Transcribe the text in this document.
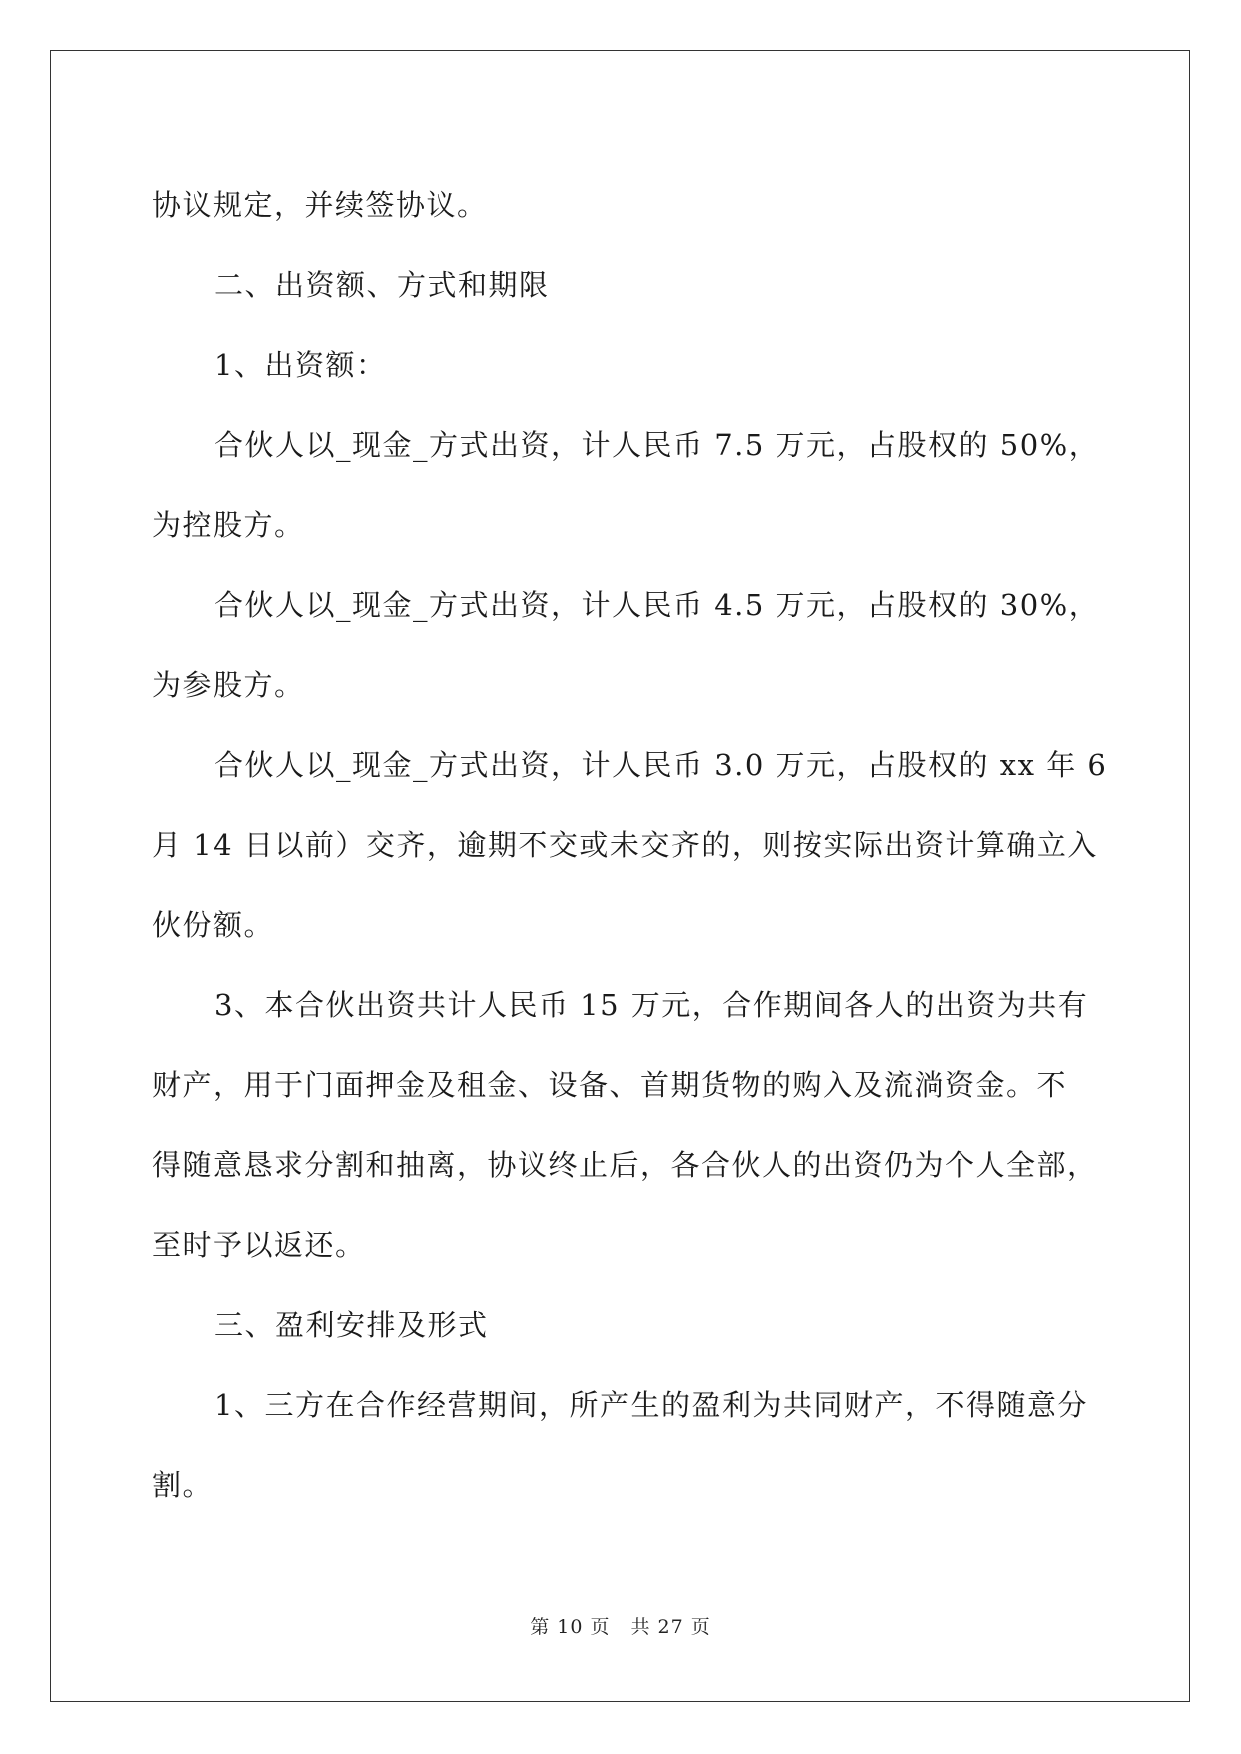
协议规定，并续签协议。
二、出资额、方式和期限
1、出资额：
合伙人以_现金_方式出资，计人民币 7.5 万元，占股权的 50%，
为控股方。
合伙人以_现金_方式出资，计人民币 4.5 万元，占股权的 30%，
为参股方。
合伙人以_现金_方式出资，计人民币 3.0 万元，占股权的 xx 年 6
月 14 日以前）交齐，逾期不交或未交齐的，则按实际出资计算确立入
伙份额。
3、本合伙出资共计人民币 15 万元，合作期间各人的出资为共有
财产，用于门面押金及租金、设备、首期货物的购入及流淌资金。不
得随意恳求分割和抽离，协议终止后，各合伙人的出资仍为个人全部，
至时予以返还。
三、盈利安排及形式
1、三方在合作经营期间，所产生的盈利为共同财产，不得随意分
割。
第 10 页　共 27 页
